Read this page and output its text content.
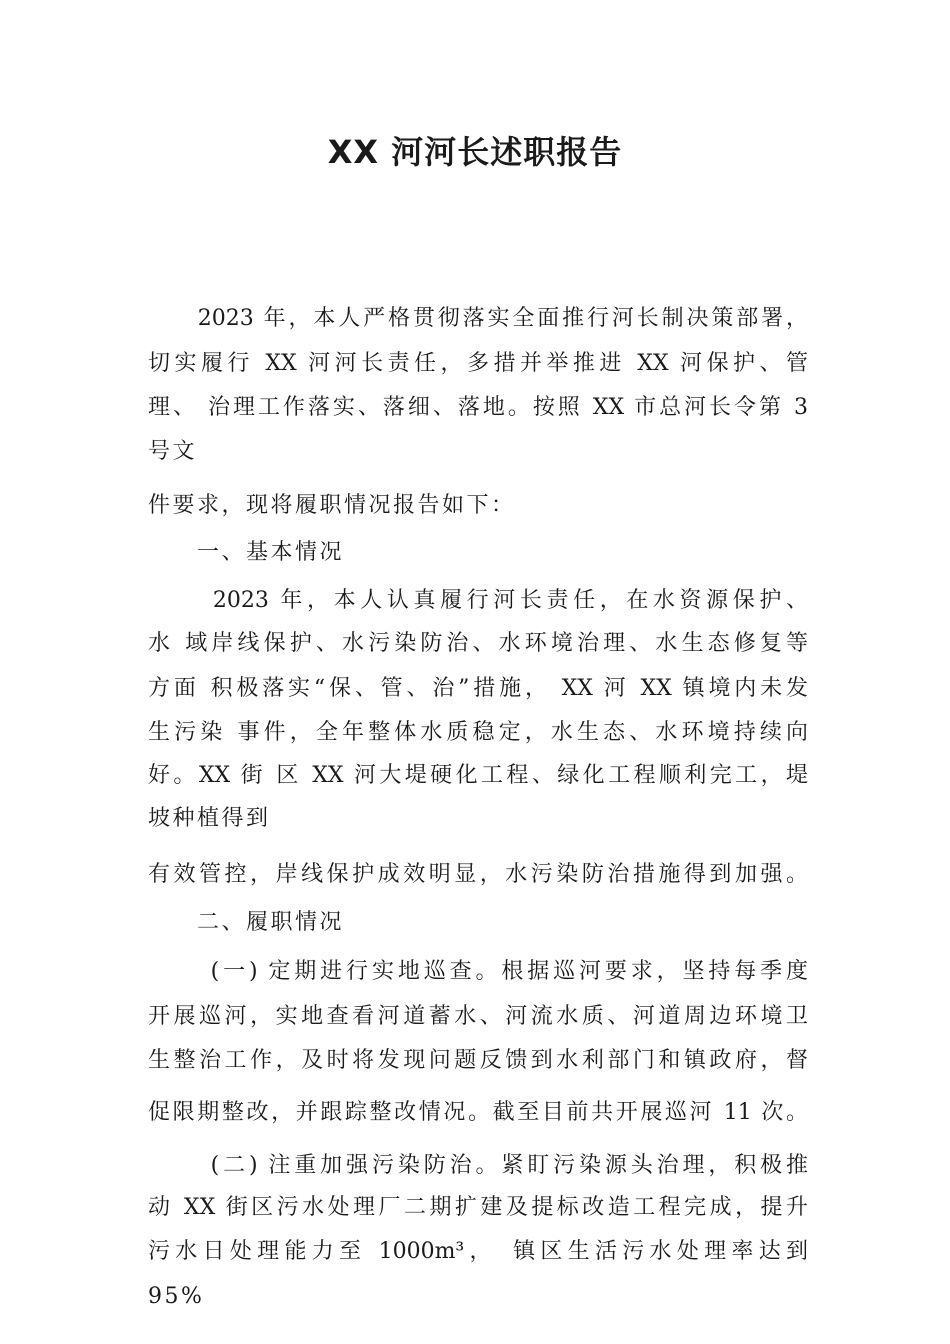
XX 河河长述职报告
　　2023 年，本人严格贯彻落实全面推行河长制决策部署，
切实履行 XX 河河长责任，多措并举推进 XX 河保护、管
理、 治理工作落实、落细、落地。按照 XX 市总河长令第 3
号文
件要求，现将履职情况报告如下：
　　一、基本情况
　　 2023 年，本人认真履行河长责任，在水资源保护、
水 域岸线保护、水污染防治、水环境治理、水生态修复等
方面 积极落实“保、管、治”措施， XX 河 XX 镇境内未发
生污染 事件，全年整体水质稳定，水生态、水环境持续向
好。XX 街 区 XX 河大堤硬化工程、绿化工程顺利完工，堤
坡种植得到
有效管控，岸线保护成效明显，水污染防治措施得到加强。
　　二、履职情况
　　 (一) 定期进行实地巡查。根据巡河要求，坚持每季度
开展巡河，实地查看河道蓄水、河流水质、河道周边环境卫
生整治工作，及时将发现问题反馈到水利部门和镇政府，督
促限期整改，并跟踪整改情况。截至目前共开展巡河 11 次。
　　 (二) 注重加强污染防治。紧盯污染源头治理，积极推
动 XX 街区污水处理厂二期扩建及提标改造工程完成，提升
污水日处理能力至 1000m³，　镇区生活污水处理率达到
95%
